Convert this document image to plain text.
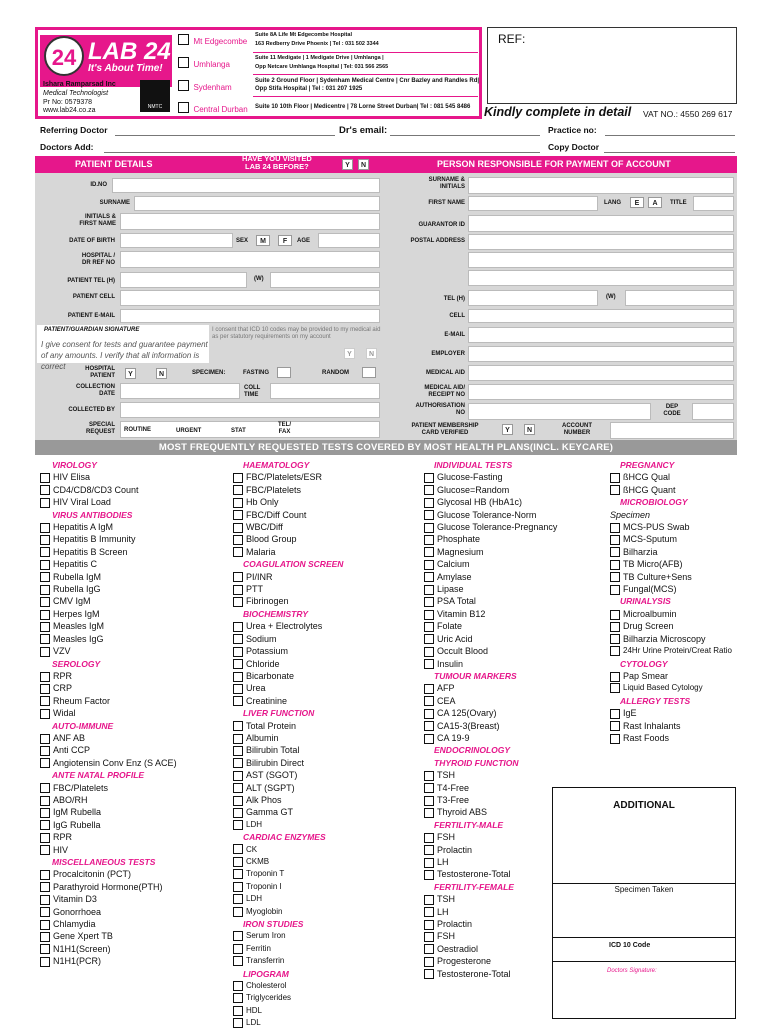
24 LAB 24
It's About Time!
Ishara Ramparsad Inc
Medical Technologist
Pr No: 0579378
www.lab24.co.za	NMTC
Mt Edgecombe
Suite 8A Life Mt Edgecombe Hospital
163 Redberry Drive Phoenix | Tel : 031 502 3344
Umhlanga
Suite 11 Medigate | 1 Medigate Drive | Umhlanga |
Opp Netcare Umhlanga Hospital | Tel: 031 566 2565
Sydenham
Suite 2 Ground Floor | Sydenham Medical Centre | Cnr Bazley and Randles Rd|
Opp Stifa Hospital | Tel : 031 207 1925
Central Durban Suite 10 10th Floor | Medicentre | 78 Lorne Street Durban| Tel : 081 545 8486
REF:
Kindly complete in detail VAT NO.: 4550 269 617
Referring Doctor	Dr's email:	Practice no:
Doctors Add:	Copy Doctor
PATIENT DETAILS
HAVE YOU VISITED
LAB 24 BEFORE?	Y	N	PERSON RESPONSIBLE FOR PAYMENT OF ACCOUNT
ID.NO
SURNAME
INITIALS &
FIRST NAME
DATE OF BIRTH	SEX	M	F	AGE
HOSPITAL /
DR REF NO
PATIENT TEL (H)	(W)
PATIENT CELL
PATIENT E-MAIL
PATIENT/GUARDIAN SIGNATURE
I give consent for tests and guarantee payment of any amounts. I verify that all information is correct
I consent that ICD 10 codes may be provided to my medical aid as per statutory requirements on my account
Y	N
HOSPITAL
PATIENT	Y	N	SPECIMEN:	FASTING	RANDOM
COLLECTION
DATE
COLL
TIME
COLLECTED BY
SPECIAL
REQUEST ROUTINE	URGENT	STAT
TEL/
FAX
SURNAME &
INITIALS
FIRST NAME	LANG	E	A	TITLE
GUARANTOR ID
POSTAL ADDRESS
TEL (H)	(W)
CELL
E-MAIL
EMPLOYER
MEDICAL AID
MEDICAL AID/
RECEIPT NO
AUTHORISATION
NO
DEP
CODE
PATIENT MEMBERSHIP
CARD VERIFIED	Y	N
ACCOUNT
NUMBER
MOST FREQUENTLY REQUESTED TESTS COVERED BY MOST HEALTH PLANS(INCL. KEYCARE)
VIROLOGY
HIV Elisa
CD4/CD8/CD3 Count
HIV Viral Load
VIRUS ANTIBODIES
Hepatitis A IgM
Hepatitis B Immunity
Hepatitis B Screen
Hepatitis C
Rubella IgM
Rubella IgG
CMV IgM
Herpes IgM
Measles IgM
Measles IgG
VZV
SEROLOGY
RPR
CRP
Rheum Factor
Widal
AUTO-IMMUNE
ANF AB
Anti CCP
Angiotensin Conv Enz (S ACE)
ANTE NATAL PROFILE
FBC/Platelets
ABO/RH
IgM Rubella
IgG Rubella
RPR
HIV
MISCELLANEOUS TESTS
Procalcitonin (PCT)
Parathyroid Hormone(PTH)
Vitamin D3
Gonorrhoea
Chlamydia
Gene Xpert TB
N1H1(Screen)
N1H1(PCR)
HAEMATOLOGY
FBC/Platelets/ESR
FBC/Platelets
Hb Only
FBC/Diff Count
WBC/Diff
Blood Group
Malaria
COAGULATION SCREEN
PI/INR
PTT
Fibrinogen
BIOCHEMISTRY
Urea + Electrolytes
Sodium
Potassium
Chloride
Bicarbonate
Urea
Creatinine
LIVER FUNCTION
Total Protein
Albumin
Bilirubin Total
Bilirubin Direct
AST (SGOT)
ALT (SGPT)
Alk Phos
Gamma GT
LDH
CARDIAC ENZYMES
CK
CKMB
Troponin T
Troponin I
LDH
Myoglobin
IRON STUDIES
Serum Iron
Ferritin
Transferrin
LIPOGRAM
Cholesterol
Triglycerides
HDL
LDL
INDIVIDUAL TESTS
Glucose-Fasting
Glucose=Random
Glycosal HB (HbA1c)
Glucose Tolerance-Norm
Glucose Tolerance-Pregnancy
Phosphate
Magnesium
Calcium
Amylase
Lipase
PSA Total
Vitamin B12
Folate
Uric Acid
Occult Blood
Insulin
TUMOUR MARKERS
AFP
CEA
CA 125(Ovary)
CA15-3(Breast)
CA 19-9
ENDOCRINOLOGY
THYROID FUNCTION
TSH
T4-Free
T3-Free
Thyroid ABS
FERTILITY-MALE
FSH
Prolactin
LH
Testosterone-Total
FERTILITY-FEMALE
TSH
LH
Prolactin
FSH
Oestradiol
Progesterone
Testosterone-Total
PREGNANCY
ßHCG Qual
ßHCG Quant
MICROBIOLOGY
Specimen
MCS-PUS Swab
MCS-Sputum
Bilharzia
TB Micro(AFB)
TB Culture+Sens
Fungal(MCS)
URINALYSIS
Microalbumin
Drug Screen
Bilharzia Microscopy
24Hr Urine Protein/Creat Ratio
CYTOLOGY
Pap Smear
Liquid Based Cytology
ALLERGY TESTS
IgE
Rast Inhalants
Rast Foods
ADDITIONAL
Specimen Taken
ICD 10 Code
Doctors Signature:
